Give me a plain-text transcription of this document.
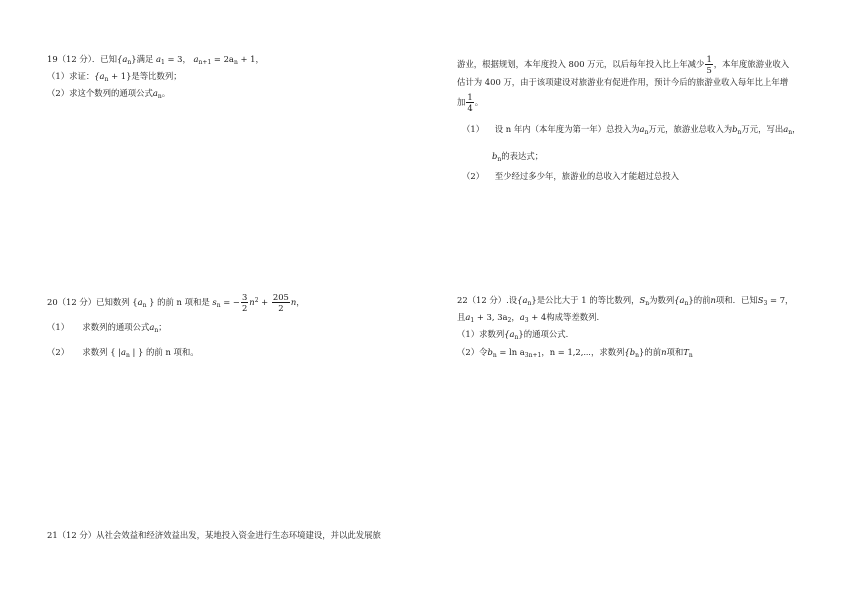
19（12 分）．已知$\{a_n\}$满足 $a_1 = 3$， $a_{n+1} = 2a_n + 1$，
（1）求证：$\{a_n + 1\}$是等比数列；
（2）求这个数列的通项公式$a_n$。
游业，根据规划，本年度投入 800 万元，以后每年投入比上年减少 $\frac{1}{5}$ ，本年度旅游业收入
估计为 400 万，由于该项建设对旅游业有促进作用，预计今后的旅游业收入每年比上年增
加 $\frac{1}{4}$ 。
（1） 设 n 年内（本年度为第一年）总投入为$a_n$万元，旅游业总收入为$b_n$万元，写出$a_n$，
$b_n$的表达式；
（2） 至少经过多少年，旅游业的总收入才能超过总投入
20（12 分）已知数列 {$a_n$ } 的前 n 项和是 $s_n$ = − $\frac{3}{2} n^2 + \frac{205}{2}$ n，
（1） 求数列的通项公式$a_n$；
（2） 求数列 { $|a_n$ | } 的前 n 项和。
22（12 分）.设$\{a_n\}$是公比大于 1 的等比数列，$S_n$为数列$\{a_n\}$的前n项和．已知$S_3 = 7$，
且$a_1 + 3$, $3a_2$，$a_3 + 4$构成等差数列.
（1）求数列$\{a_n\}$的通项公式.
（2）令$b_n = \ln a_{3n+1}$，n = 1,2,⋯，求数列$\{b_n\}$的前n项和$T_n$
21（12 分）从社会效益和经济效益出发，某地投入资金进行生态环境建设，并以此发展旅
